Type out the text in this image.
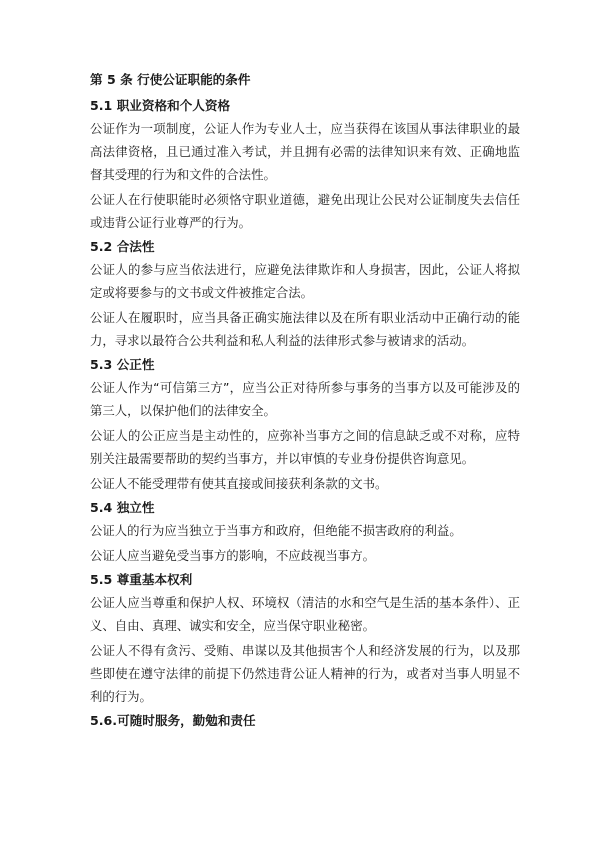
第 5 条 行使公证职能的条件
5.1 职业资格和个人资格

公证作为一项制度，公证人作为专业人士，应当获得在该国从事法律职业的最高法律资格，且已通过准入考试，并且拥有必需的法律知识来有效、正确地监督其受理的行为和文件的合法性。

公证人在行使职能时必须恪守职业道德，避免出现让公民对公证制度失去信任或违背公证行业尊严的行为。

5.2 合法性

公证人的参与应当依法进行，应避免法律欺诈和人身损害，因此，公证人将拟定或将要参与的文书或文件被推定合法。

公证人在履职时，应当具备正确实施法律以及在所有职业活动中正确行动的能力，寻求以最符合公共利益和私人利益的法律形式参与被请求的活动。

5.3 公正性

公证人作为“可信第三方”，应当公正对待所参与事务的当事方以及可能涉及的第三人，以保护他们的法律安全。

公证人的公正应当是主动性的，应弥补当事方之间的信息缺乏或不对称，应特别关注最需要帮助的契约当事方，并以审慎的专业身份提供咨询意见。

公证人不能受理带有使其直接或间接获利条款的文书。

5.4 独立性

公证人的行为应当独立于当事方和政府，但绝能不损害政府的利益。

公证人应当避免受当事方的影响，不应歧视当事方。

5.5 尊重基本权利

公证人应当尊重和保护人权、环境权（清洁的水和空气是生活的基本条件）、正义、自由、真理、诚实和安全，应当保守职业秘密。

公证人不得有贪污、受贿、串谋以及其他损害个人和经济发展的行为，以及那些即使在遵守法律的前提下仍然违背公证人精神的行为，或者对当事人明显不利的行为。

5.6.可随时服务，勤勉和责任
